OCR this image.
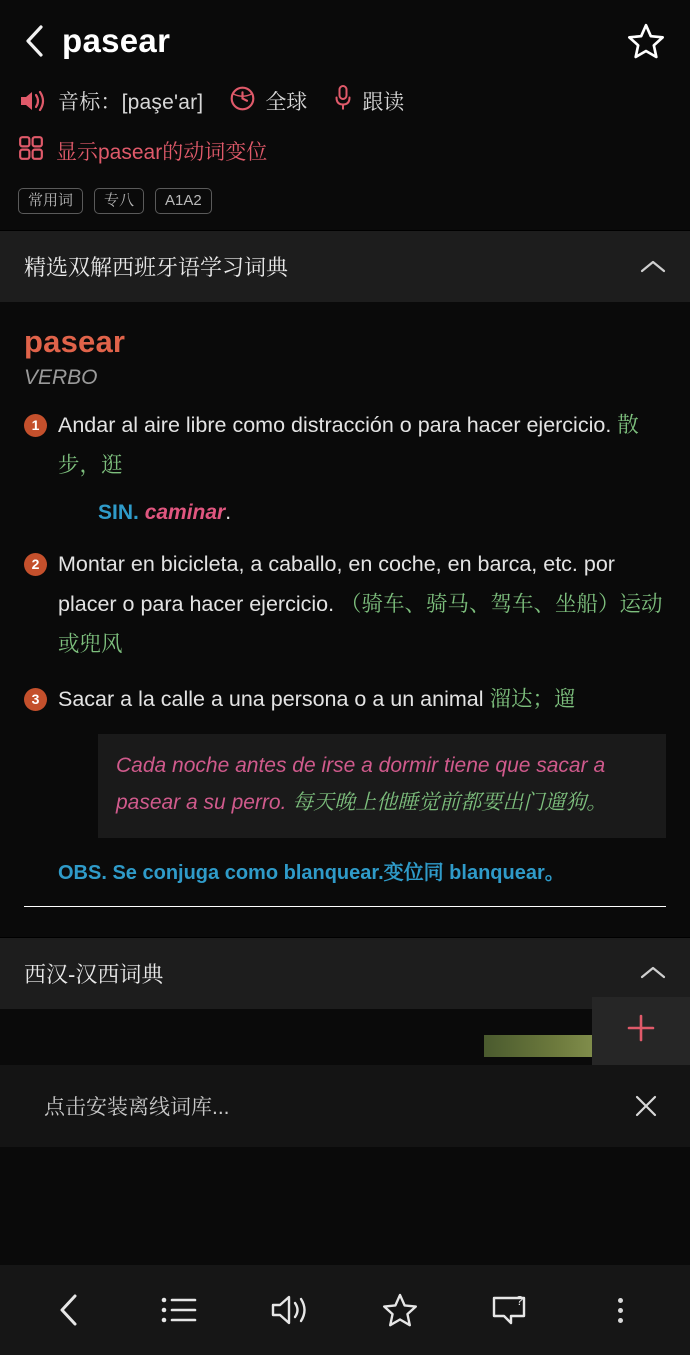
pasear
音标：[paşe'ar]	全球	跟读
显示pasear的动词变位
常用词	专八	A1A2
精选双解西班牙语学习词典
pasear
VERBO
1 Andar al aire libre como distracción o para hacer ejercicio. 散步，逛
SIN. caminar.
2 Montar en bicicleta, a caballo, en coche, en barca, etc. por placer o para hacer ejercicio. （骑车、骑马、驾车、坐船）运动或兜风
3 Sacar a la calle a una persona o a un animal 溜达；遛
Cada noche antes de irse a dormir tiene que sacar a pasear a su perro. 每天晚上他睡觉前都要出门遛狗。
OBS. Se conjuga como blanquear.变位同 blanquear。
西汉-汉西词典
点击安装离线词库...
?
